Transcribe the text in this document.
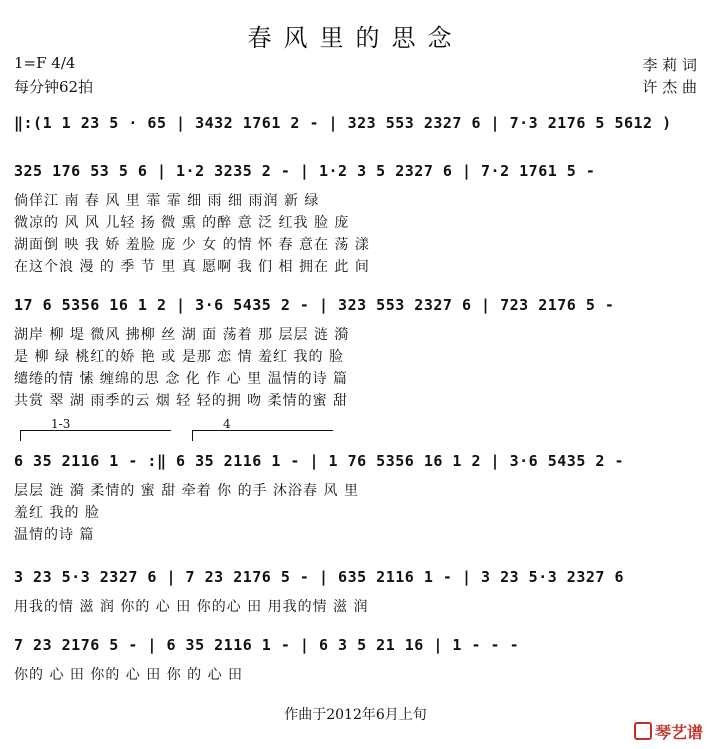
春风里的思念
1=F 4/4
每分钟62拍
李 莉 词
许 杰 曲
‖:(1 1 23 5 · 65 | 3432 1761 2 - | 323 553 2327 6 | 7·3 2176 5 5612 )
325 176 53 5 6 | 1·2 3235 2 - | 1·2 3 5 2327 6 | 7·2 1761 5 -
倘佯江 南 春 风 里 霏 霏 细 雨 细 雨润 新 绿
微凉的 风 风 儿轻 扬 微 熏 的醉 意 泛 红我 脸 庞
湖面倒 映 我 娇 羞脸 庞 少 女 的情 怀 春 意在 荡 漾
在这个浪 漫 的 季 节 里 真 愿啊 我 们 相 拥在 此 间
17 6 5356 16 1 2 | 3·6 5435 2 - | 323 553 2327 6 | 723 2176 5 -
湖岸 柳 堤 微风 拂柳 丝 湖 面 荡着 那 层层 涟 漪
是 柳 绿 桃红的娇 艳 或 是那 恋 情 羞红 我的 脸
缱绻的情 愫 缠绵的思 念 化 作 心 里 温情的诗 篇
共赏 翠 湖 雨季的云 烟 轻 轻的拥 吻 柔情的蜜 甜
1-3	4
6 35 2116 1 - :‖ 6 35 2116 1 - | 1 76 5356 16 1 2 | 3·6 5435 2 -
层层 涟 漪 柔情的 蜜 甜 牵着 你 的手 沐浴春 风 里
羞红 我的 脸
温情的诗 篇
3 23 5·3 2327 6 | 7 23 2176 5 - | 635 2116 1 - | 3 23 5·3 2327 6
用我的情 滋 润 你的 心 田 你的心 田 用我的情 滋 润
7 23 2176 5 - | 6 35 2116 1 - | 6 3 5 21 16 | 1 - - -
你的 心 田 你的 心 田 你 的 心 田
作曲于2012年6月上旬
琴艺谱
